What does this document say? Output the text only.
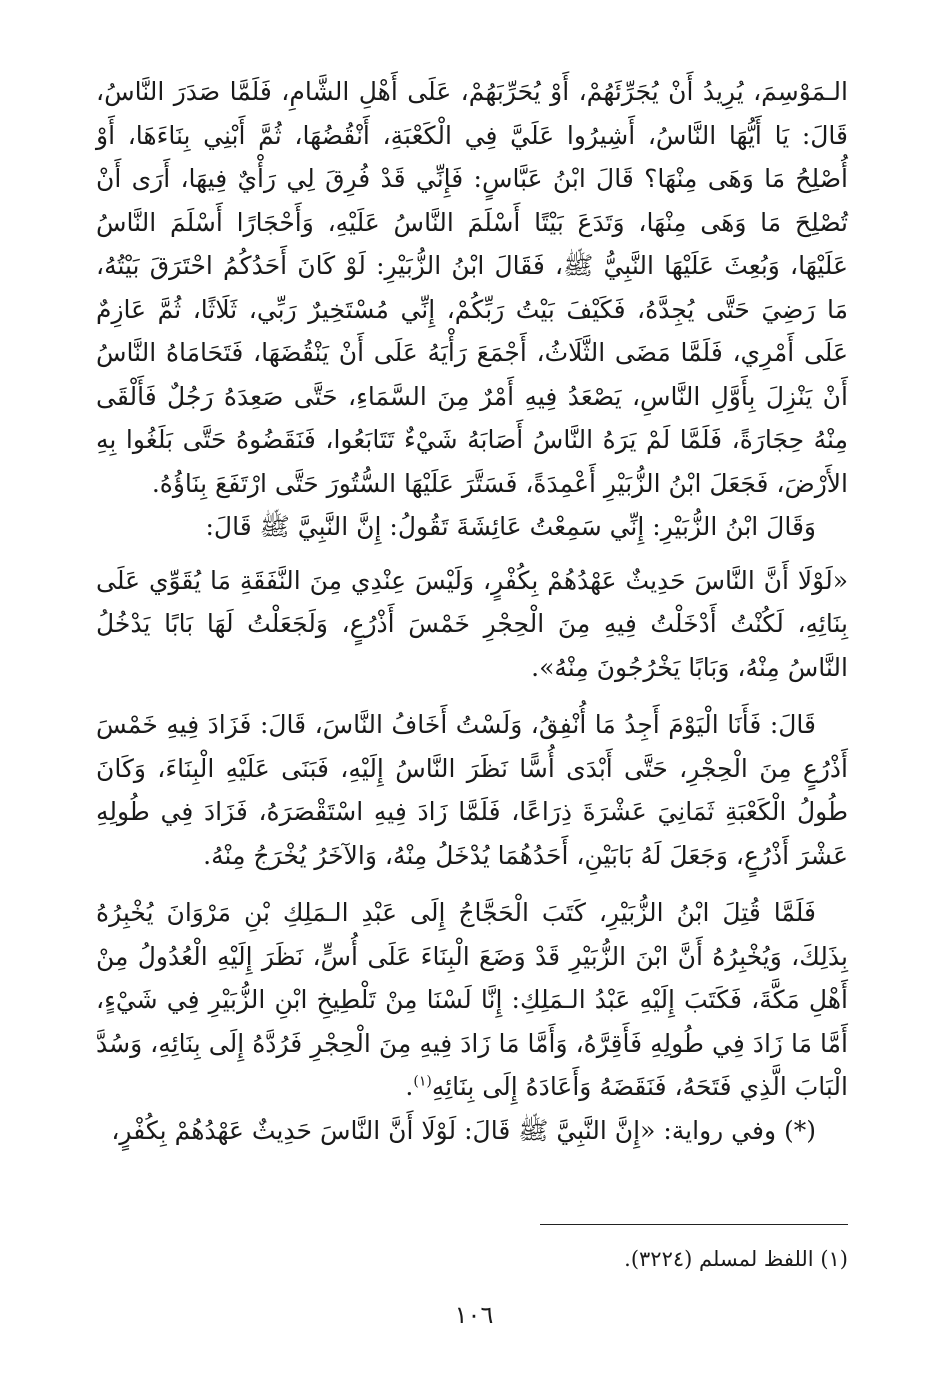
الـمَوْسِمَ، يُرِيدُ أَنْ يُجَرِّئَهُمْ، أَوْ يُحَرِّبَهُمْ، عَلَى أَهْلِ الشَّامِ، فَلَمَّا صَدَرَ النَّاسُ، قَالَ: يَا أَيُّهَا النَّاسُ، أَشِيرُوا عَلَيَّ فِي الْكَعْبَةِ، أَنْقُضُهَا، ثُمَّ أَبْنِي بِنَاءَهَا، أَوْ أُصْلِحُ مَا وَهَى مِنْهَا؟ قَالَ ابْنُ عَبَّاسٍ: فَإِنِّي قَدْ فُرِقَ لِي رَأْيٌ فِيهَا، أَرَى أَنْ تُصْلِحَ مَا وَهَى مِنْهَا، وَتَدَعَ بَيْتًا أَسْلَمَ النَّاسُ عَلَيْهِ، وَأَحْجَارًا أَسْلَمَ النَّاسُ عَلَيْهَا، وَبُعِثَ عَلَيْهَا النَّبِيُّ ﷺ، فَقَالَ ابْنُ الزُّبَيْرِ: لَوْ كَانَ أَحَدُكُمُ احْتَرَقَ بَيْتُهُ، مَا رَضِيَ حَتَّى يُجِدَّهُ، فَكَيْفَ بَيْتُ رَبِّكُمْ، إِنِّي مُسْتَخِيرٌ رَبِّي، ثَلَاثًا، ثُمَّ عَازِمٌ عَلَى أَمْرِي، فَلَمَّا مَضَى الثَّلَاثُ، أَجْمَعَ رَأْيَهُ عَلَى أَنْ يَنْقُضَهَا، فَتَحَامَاهُ النَّاسُ أَنْ يَنْزِلَ بِأَوَّلِ النَّاسِ، يَصْعَدُ فِيهِ أَمْرٌ مِنَ السَّمَاءِ، حَتَّى صَعِدَهُ رَجُلٌ فَأَلْقَى مِنْهُ حِجَارَةً، فَلَمَّا لَمْ يَرَهُ النَّاسُ أَصَابَهُ شَيْءٌ تَتَابَعُوا، فَنَقَضُوهُ حَتَّى بَلَغُوا بِهِ الأَرْضَ، فَجَعَلَ ابْنُ الزُّبَيْرِ أَعْمِدَةً، فَسَتَّرَ عَلَيْهَا السُّتُورَ حَتَّى ارْتَفَعَ بِنَاؤُهُ.

وَقَالَ ابْنُ الزُّبَيْرِ: إِنِّي سَمِعْتُ عَائِشَةَ تَقُولُ: إِنَّ النَّبِيَّ ﷺ قَالَ:

«لَوْلَا أَنَّ النَّاسَ حَدِيثٌ عَهْدُهُمْ بِكُفْرٍ، وَلَيْسَ عِنْدِي مِنَ النَّفَقَةِ مَا يُقَوِّي عَلَى بِنَائِهِ، لَكُنْتُ أَدْخَلْتُ فِيهِ مِنَ الْحِجْرِ خَمْسَ أَذْرُعٍ، وَلَجَعَلْتُ لَهَا بَابًا يَدْخُلُ النَّاسُ مِنْهُ، وَبَابًا يَخْرُجُونَ مِنْهُ».

قَالَ: فَأَنَا الْيَوْمَ أَجِدُ مَا أُنْفِقُ، وَلَسْتُ أَخَافُ النَّاسَ، قَالَ: فَزَادَ فِيهِ خَمْسَ أَذْرُعٍ مِنَ الْحِجْرِ، حَتَّى أَبْدَى أُسًّا نَظَرَ النَّاسُ إِلَيْهِ، فَبَنَى عَلَيْهِ الْبِنَاءَ، وَكَانَ طُولُ الْكَعْبَةِ ثَمَانِيَ عَشْرَةَ ذِرَاعًا، فَلَمَّا زَادَ فِيهِ اسْتَقْصَرَهُ، فَزَادَ فِي طُولِهِ عَشْرَ أَذْرُعٍ، وَجَعَلَ لَهُ بَابَيْنِ، أَحَدُهُمَا يُدْخَلُ مِنْهُ، وَالآخَرُ يُخْرَجُ مِنْهُ.

فَلَمَّا قُتِلَ ابْنُ الزُّبَيْرِ، كَتَبَ الْحَجَّاجُ إِلَى عَبْدِ الـمَلِكِ بْنِ مَرْوَانَ يُخْبِرُهُ بِذَلِكَ، وَيُخْبِرُهُ أَنَّ ابْنَ الزُّبَيْرِ قَدْ وَضَعَ الْبِنَاءَ عَلَى أُسٍّ، نَظَرَ إِلَيْهِ الْعُدُولُ مِنْ أَهْلِ مَكَّةَ، فَكَتَبَ إِلَيْهِ عَبْدُ الـمَلِكِ: إِنَّا لَسْنَا مِنْ تَلْطِيخِ ابْنِ الزُّبَيْرِ فِي شَيْءٍ، أَمَّا مَا زَادَ فِي طُولِهِ فَأَقِرَّهُ، وَأَمَّا مَا زَادَ فِيهِ مِنَ الْحِجْرِ فَرُدَّهُ إِلَى بِنَائِهِ، وَسُدَّ الْبَابَ الَّذِي فَتَحَهُ، فَنَقَضَهُ وَأَعَادَهُ إِلَى بِنَائِهِ$^{(١)}$.

(*) وفي رواية: «إِنَّ النَّبِيَّ ﷺ قَالَ: لَوْلَا أَنَّ النَّاسَ حَدِيثٌ عَهْدُهُمْ بِكُفْرٍ،

(١) اللفظ لمسلم (٣٢٢٤).
١٠٦
